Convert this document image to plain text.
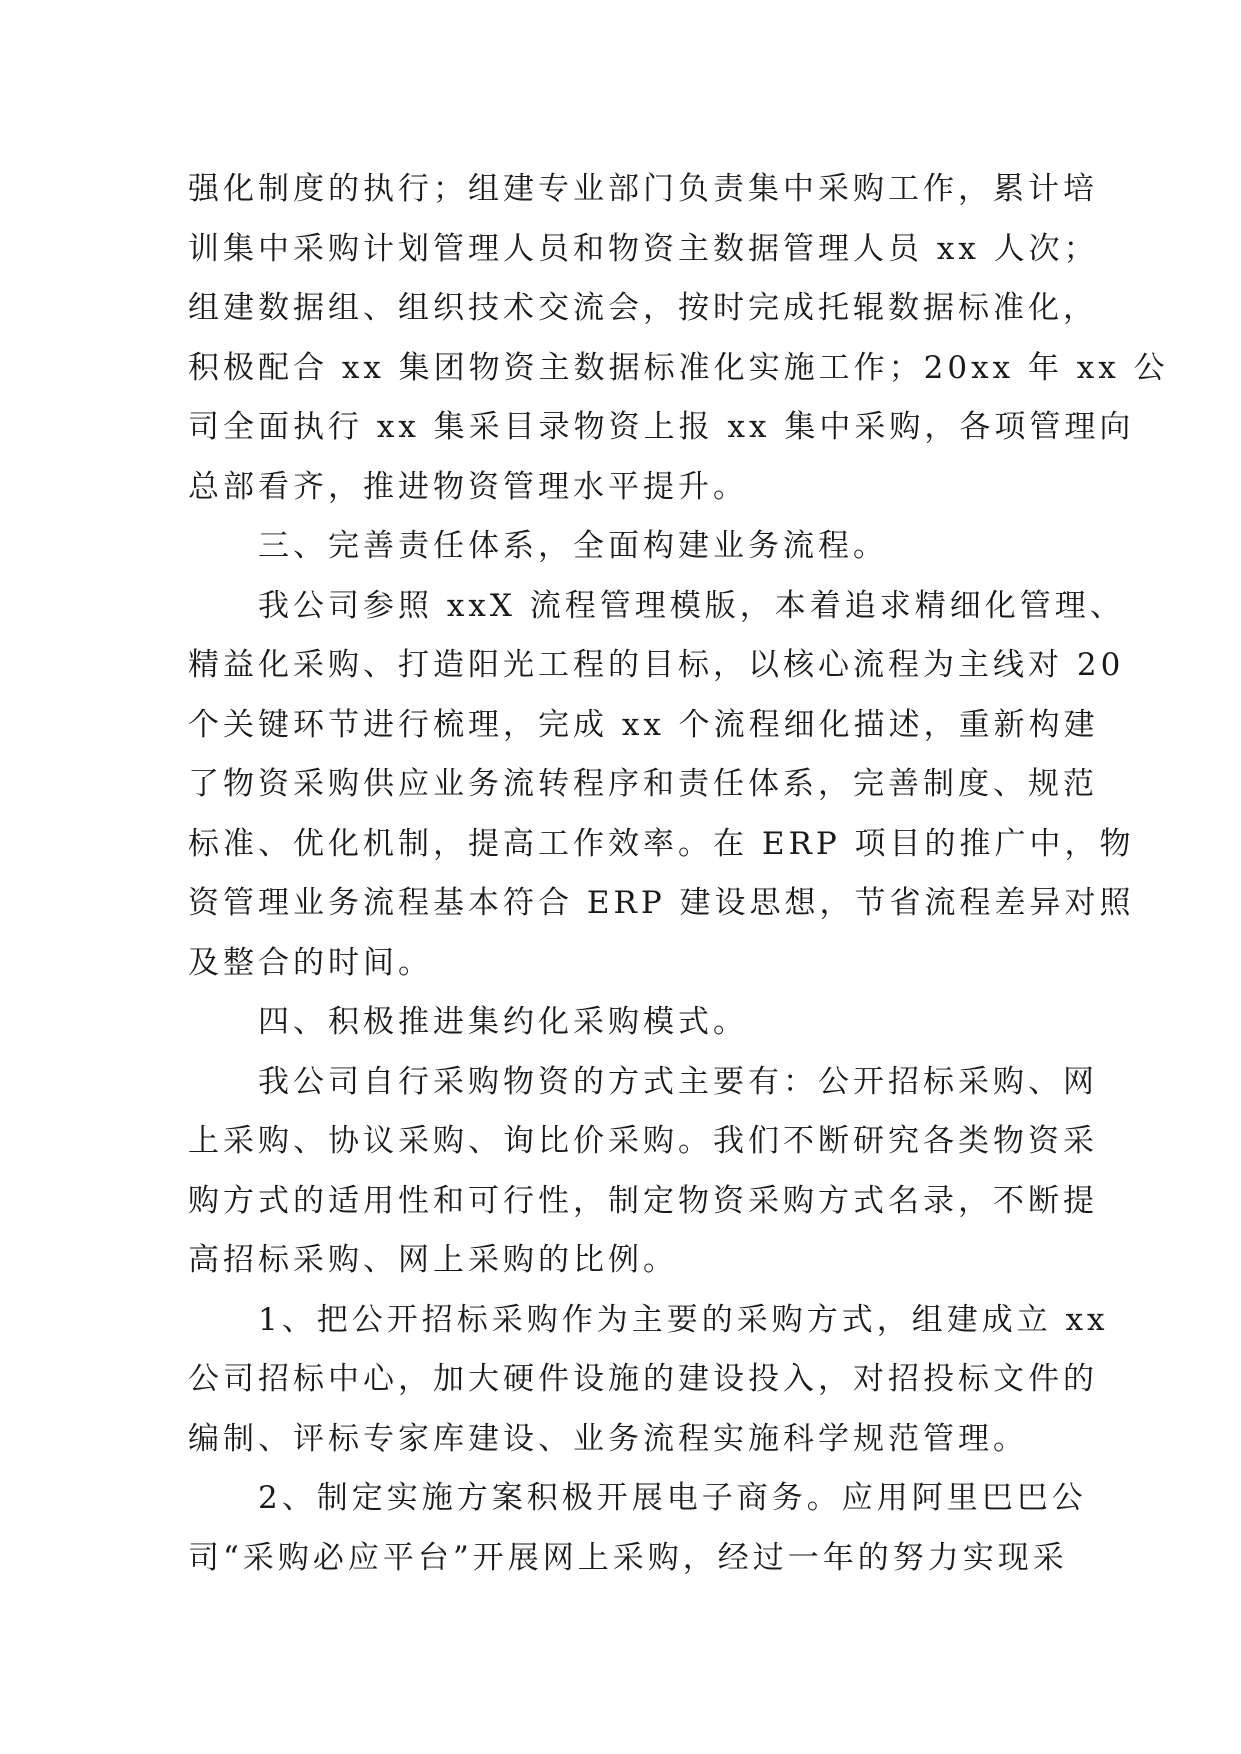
强化制度的执行；组建专业部门负责集中采购工作，累计培
训集中采购计划管理人员和物资主数据管理人员 xx 人次；
组建数据组、组织技术交流会，按时完成托辊数据标准化，
积极配合 xx 集团物资主数据标准化实施工作；20xx 年 xx 公
司全面执行 xx 集采目录物资上报 xx 集中采购，各项管理向
总部看齐，推进物资管理水平提升。
　　三、完善责任体系，全面构建业务流程。
　　我公司参照 xxX 流程管理模版，本着追求精细化管理、
精益化采购、打造阳光工程的目标，以核心流程为主线对 20
个关键环节进行梳理，完成 xx 个流程细化描述，重新构建
了物资采购供应业务流转程序和责任体系，完善制度、规范
标准、优化机制，提高工作效率。在 ERP 项目的推广中，物
资管理业务流程基本符合 ERP 建设思想，节省流程差异对照
及整合的时间。
　　四、积极推进集约化采购模式。
　　我公司自行采购物资的方式主要有：公开招标采购、网
上采购、协议采购、询比价采购。我们不断研究各类物资采
购方式的适用性和可行性，制定物资采购方式名录，不断提
高招标采购、网上采购的比例。
　　1、把公开招标采购作为主要的采购方式，组建成立 xx
公司招标中心，加大硬件设施的建设投入，对招投标文件的
编制、评标专家库建设、业务流程实施科学规范管理。
　　2、制定实施方案积极开展电子商务。应用阿里巴巴公
司“采购必应平台”开展网上采购，经过一年的努力实现采
